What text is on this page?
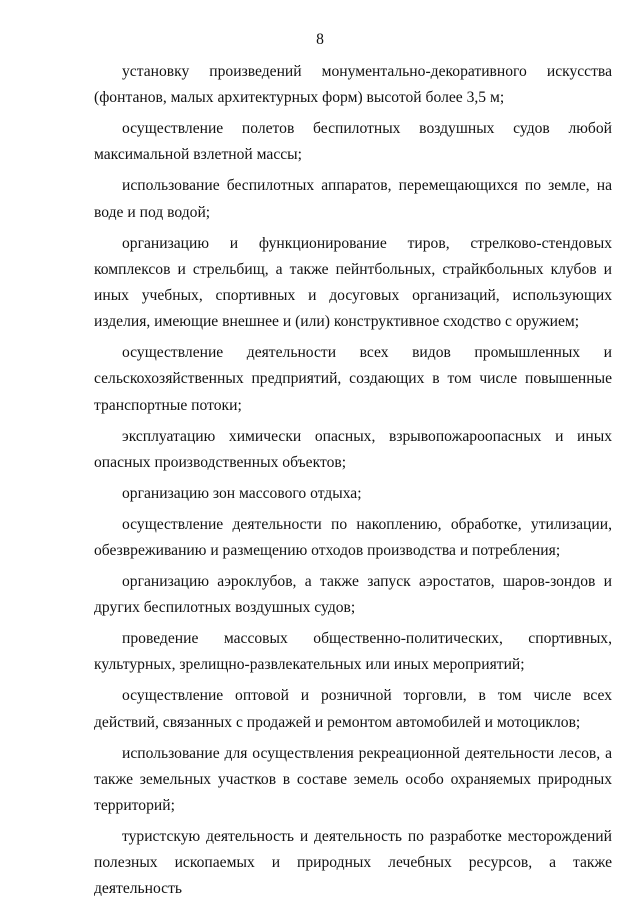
8

установку произведений монументально-декоративного искусства (фонтанов, малых архитектурных форм) высотой более 3,5 м;

осуществление полетов беспилотных воздушных судов любой максимальной взлетной массы;

использование беспилотных аппаратов, перемещающихся по земле, на воде и под водой;

организацию и функционирование тиров, стрелково-стендовых комплексов и стрельбищ, а также пейнтбольных, страйкбольных клубов и иных учебных, спортивных и досуговых организаций, использующих изделия, имеющие внешнее и (или) конструктивное сходство с оружием;

осуществление деятельности всех видов промышленных и сельскохозяйственных предприятий, создающих в том числе повышенные транспортные потоки;

эксплуатацию химически опасных, взрывопожароопасных и иных опасных производственных объектов;

организацию зон массового отдыха;

осуществление деятельности по накоплению, обработке, утилизации, обезвреживанию и размещению отходов производства и потребления;

организацию аэроклубов, а также запуск аэростатов, шаров-зондов и других беспилотных воздушных судов;

проведение массовых общественно-политических, спортивных, культурных, зрелищно-развлекательных или иных мероприятий;

осуществление оптовой и розничной торговли, в том числе всех действий, связанных с продажей и ремонтом автомобилей и мотоциклов;

использование для осуществления рекреационной деятельности лесов, а также земельных участков в составе земель особо охраняемых природных территорий;

туристскую деятельность и деятельность по разработке месторождений полезных ископаемых и природных лечебных ресурсов, а также деятельность
